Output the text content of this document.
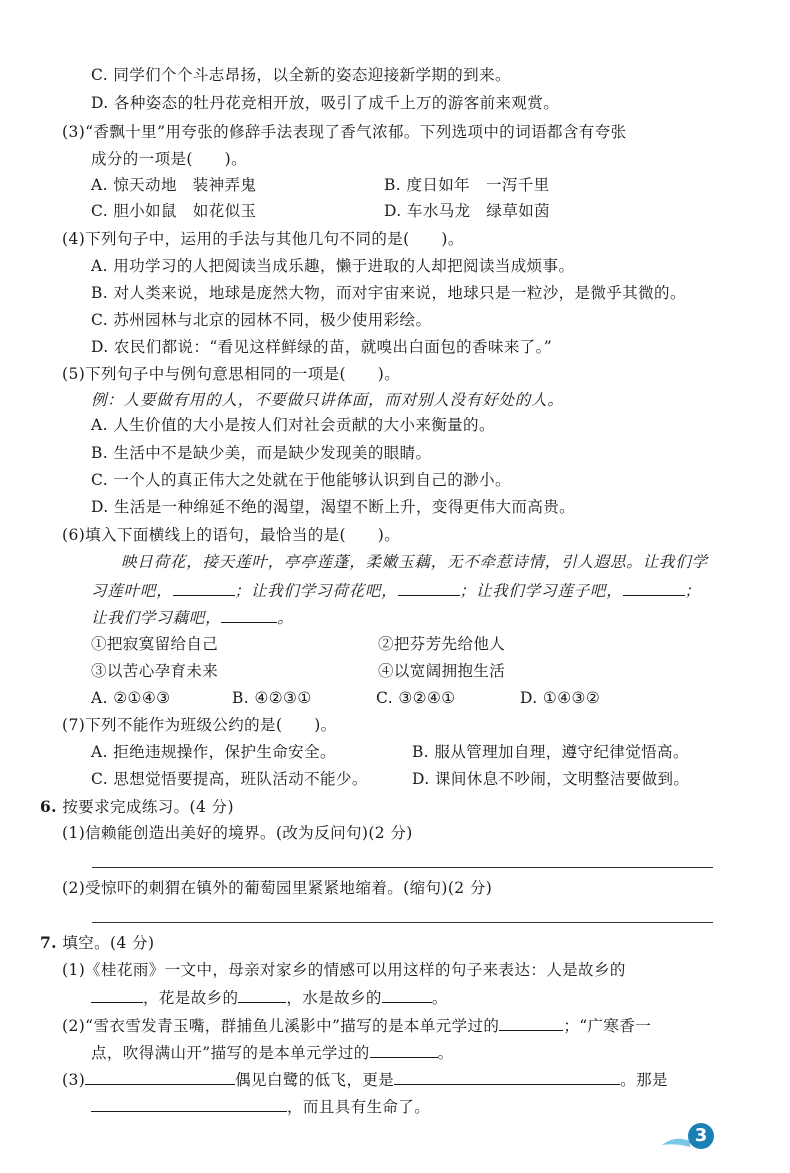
C. 同学们个个斗志昂扬，以全新的姿态迎接新学期的到来。
D. 各种姿态的牡丹花竞相开放，吸引了成千上万的游客前来观赏。
(3)“香飘十里”用夸张的修辞手法表现了香气浓郁。下列选项中的词语都含有夸张
成分的一项是(　　)。
A. 惊天动地　装神弄鬼	B. 度日如年　一泻千里
C. 胆小如鼠　如花似玉	D. 车水马龙　绿草如茵
(4)下列句子中，运用的手法与其他几句不同的是(　　)。
A. 用功学习的人把阅读当成乐趣，懒于进取的人却把阅读当成烦事。
B. 对人类来说，地球是庞然大物，而对宇宙来说，地球只是一粒沙，是微乎其微的。
C. 苏州园林与北京的园林不同，极少使用彩绘。
D. 农民们都说：“看见这样鲜绿的苗，就嗅出白面包的香味来了。”
(5)下列句子中与例句意思相同的一项是(　　)。
例：人要做有用的人，不要做只讲体面，而对别人没有好处的人。
A. 人生价值的大小是按人们对社会贡献的大小来衡量的。
B. 生活中不是缺少美，而是缺少发现美的眼睛。
C. 一个人的真正伟大之处就在于他能够认识到自己的渺小。
D. 生活是一种绵延不绝的渴望，渴望不断上升，变得更伟大而高贵。
(6)填入下面横线上的语句，最恰当的是(　　)。
映日荷花，接天莲叶，亭亭莲蓬，柔嫩玉藕，无不牵惹诗情，引人遐思。让我们学
习莲叶吧，	；让我们学习荷花吧，	；让我们学习莲子吧，	；
让我们学习藕吧，	。
①把寂寞留给自己	②把芬芳先给他人
③以苦心孕育未来	④以宽阔拥抱生活
A. ②①④③	B. ④②③①	C. ③②④①	D. ①④③②
(7)下列不能作为班级公约的是(　　)。
A. 拒绝违规操作，保护生命安全。	B. 服从管理加自理，遵守纪律觉悟高。
C. 思想觉悟要提高，班队活动不能少。	D. 课间休息不吵闹，文明整洁要做到。
6. 按要求完成练习。(4 分)
(1)信赖能创造出美好的境界。(改为反问句)(2 分)
(2)受惊吓的刺猬在镇外的葡萄园里紧紧地缩着。(缩句)(2 分)
7. 填空。(4 分)
(1)《桂花雨》一文中，母亲对家乡的情感可以用这样的句子来表达：人是故乡的
，花是故乡的	，水是故乡的	。
(2)“雪衣雪发青玉嘴，群捕鱼儿溪影中”描写的是本单元学过的	；“广寒香一
点，吹得满山开”描写的是本单元学过的	。
(3)	偶见白鹭的低飞，更是	。那是
，而且具有生命了。
3
